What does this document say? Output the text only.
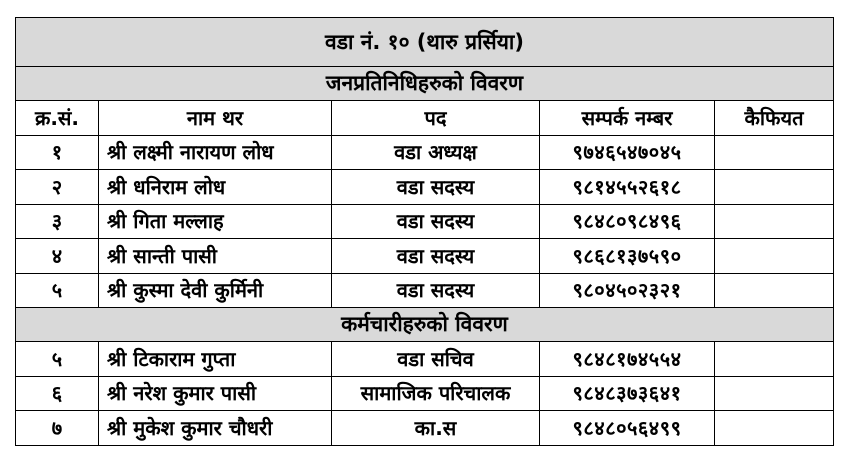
वडा नं. १० (थारु प्रर्सिया)				
जनप्रतिनिधिहरुको विवरण				
क्र.सं.	नाम थर	पद	सम्पर्क नम्बर	कैफियत
१	श्री लक्ष्मी नारायण लोध	वडा अध्यक्ष	९७४६५४७०४५	
२	श्री धनिराम लोध	वडा सदस्य	९८१४५५२६१८	
३	श्री गिता मल्लाह	वडा सदस्य	९८४८०९८४९६	
४	श्री सान्ती पासी	वडा सदस्य	९८६८१३७५९०	
५	श्री कुस्मा देवी कुर्मिनी	वडा सदस्य	९८०४५०२३२१	
कर्मचारीहरुको विवरण				
५	श्री टिकाराम गुप्ता	वडा सचिव	९८४८१७४५५४	
६	श्री नरेश कुमार पासी	सामाजिक परिचालक	९८४८३७३६४१	
७	श्री मुकेश कुमार चौधरी	का.स	९८४८०५६४९९	
